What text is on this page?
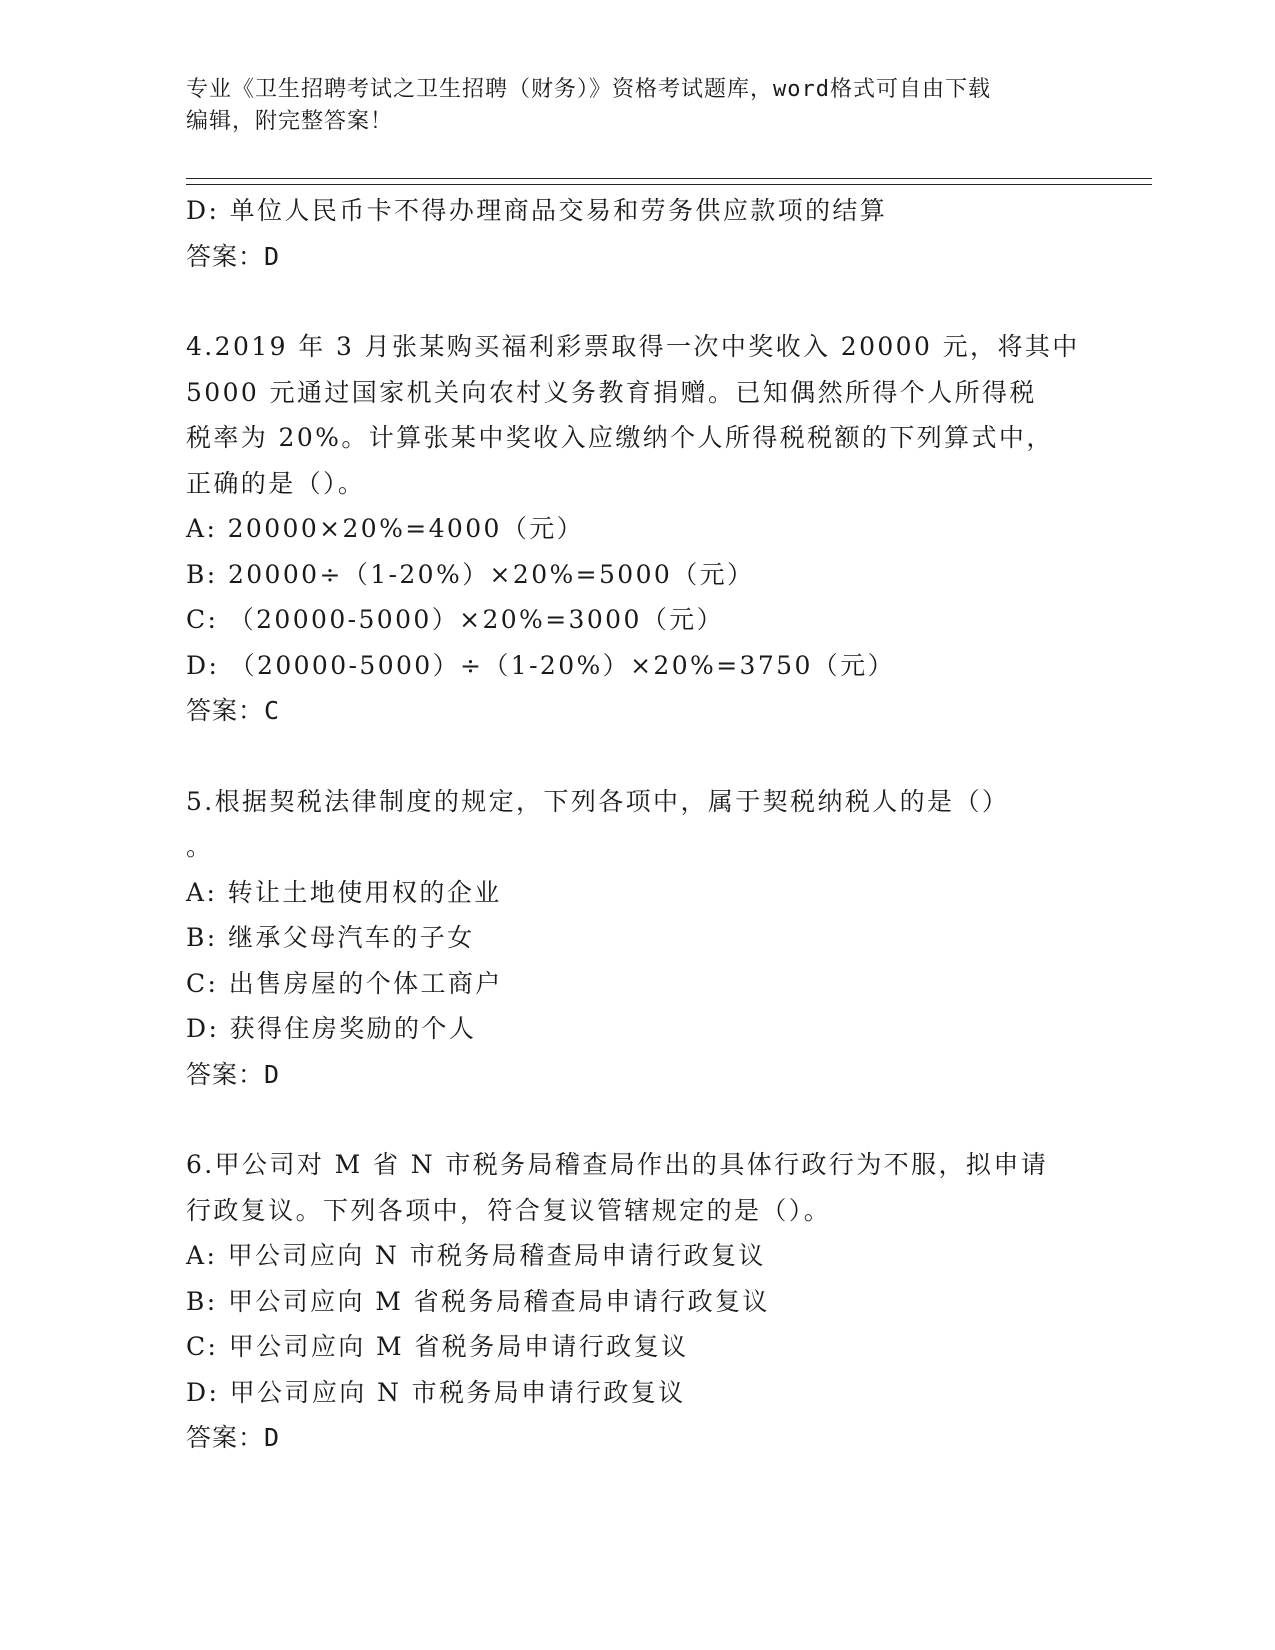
专业《卫生招聘考试之卫生招聘（财务）》资格考试题库，word格式可自由下载
编辑，附完整答案！
D: 单位人民币卡不得办理商品交易和劳务供应款项的结算
答案：D
4.2019 年 3 月张某购买福利彩票取得一次中奖收入 20000 元，将其中
5000 元通过国家机关向农村义务教育捐赠。已知偶然所得个人所得税
税率为 20%。计算张某中奖收入应缴纳个人所得税税额的下列算式中，
正确的是（）。
A: 20000×20%=4000（元）
B: 20000÷（1-20%）×20%=5000（元）
C: （20000-5000）×20%=3000（元）
D: （20000-5000）÷（1-20%）×20%=3750（元）
答案：C
5.根据契税法律制度的规定，下列各项中，属于契税纳税人的是（）
。
A: 转让土地使用权的企业
B: 继承父母汽车的子女
C: 出售房屋的个体工商户
D: 获得住房奖励的个人
答案：D
6.甲公司对 M 省 N 市税务局稽查局作出的具体行政行为不服，拟申请
行政复议。下列各项中，符合复议管辖规定的是（）。
A: 甲公司应向 N 市税务局稽查局申请行政复议
B: 甲公司应向 M 省税务局稽查局申请行政复议
C: 甲公司应向 M 省税务局申请行政复议
D: 甲公司应向 N 市税务局申请行政复议
答案：D
